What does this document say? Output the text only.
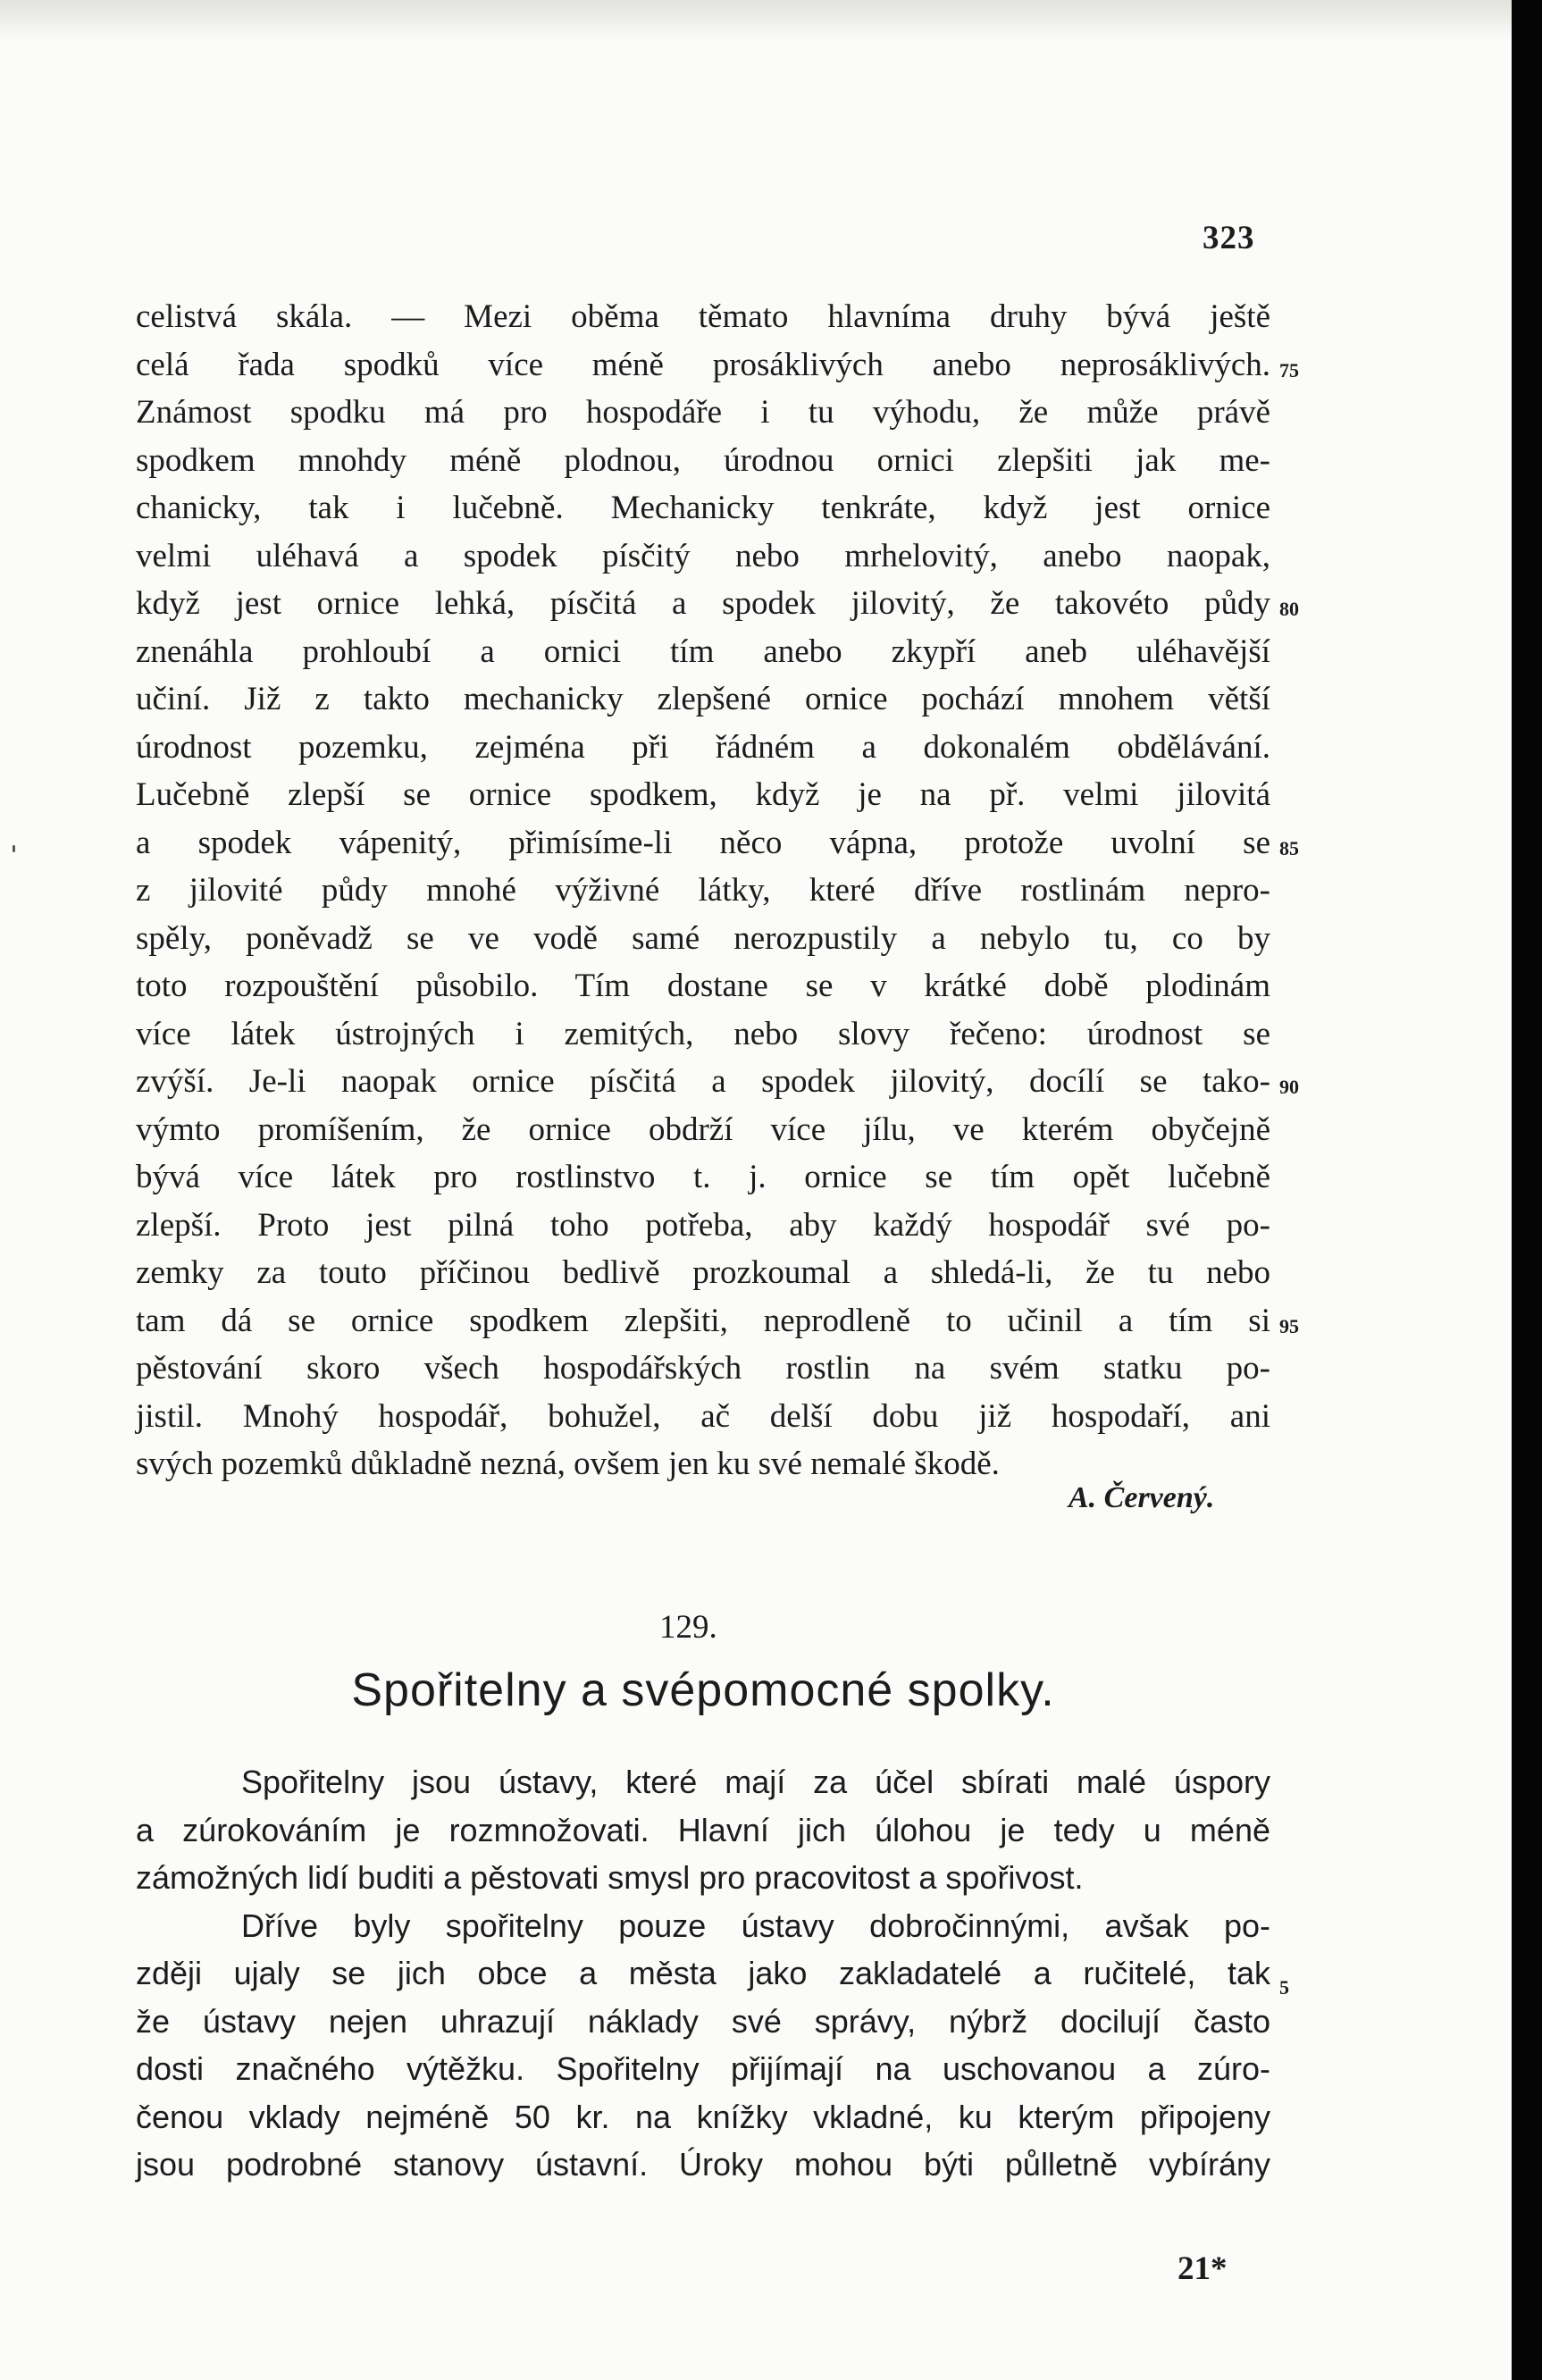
323
celistvá skála. — Mezi oběma těmato hlavníma druhy bývá ještě
celá řada spodků více méně prosáklivých anebo neprosáklivých.
Známost spodku má pro hospodáře i tu výhodu, že může právě
spodkem mnohdy méně plodnou, úrodnou ornici zlepšiti jak me-
chanicky, tak i lučebně. Mechanicky tenkráte, když jest ornice
velmi uléhavá a spodek písčitý nebo mrhelovitý, anebo naopak,
když jest ornice lehká, písčitá a spodek jilovitý, že takovéto půdy
znenáhla prohloubí a ornici tím anebo zkypří aneb uléhavější
učiní. Již z takto mechanicky zlepšené ornice pochází mnohem větší
úrodnost pozemku, zejména při řádném a dokonalém obdělávání.
Lučebně zlepší se ornice spodkem, když je na př. velmi jilovitá
a spodek vápenitý, přimísíme-li něco vápna, protože uvolní se
z jilovité půdy mnohé výživné látky, které dříve rostlinám nepro-
spěly, poněvadž se ve vodě samé nerozpustily a nebylo tu, co by
toto rozpouštění působilo. Tím dostane se v krátké době plodinám
více látek ústrojných i zemitých, nebo slovy řečeno: úrodnost se
zvýší. Je-li naopak ornice písčitá a spodek jilovitý, docílí se tako-
výmto promíšením, že ornice obdrží více jílu, ve kterém obyčejně
bývá více látek pro rostlinstvo t. j. ornice se tím opět lučebně
zlepší. Proto jest pilná toho potřeba, aby každý hospodář své po-
zemky za touto příčinou bedlivě prozkoumal a shledá-li, že tu nebo
tam dá se ornice spodkem zlepšiti, neprodleně to učinil a tím si
pěstování skoro všech hospodářských rostlin na svém statku po-
jistil. Mnohý hospodář, bohužel, ač delší dobu již hospodaří, ani
svých pozemků důkladně nezná, ovšem jen ku své nemalé škodě.
75
80
85
90
95
A. Červený.
129.
Spořitelny a svépomocné spolky.
Spořitelny jsou ústavy, které mají za účel sbírati malé úspory
a zúrokováním je rozmnožovati. Hlavní jich úlohou je tedy u méně
zámožných lidí buditi a pěstovati smysl pro pracovitost a spořivost.
Dříve byly spořitelny pouze ústavy dobročinnými, avšak po-
zději ujaly se jich obce a města jako zakladatelé a ručitelé, tak
že ústavy nejen uhrazují náklady své správy, nýbrž docilují často
dosti značného výtěžku. Spořitelny přijímají na uschovanou a zúro-
čenou vklady nejméně 50 kr. na knížky vkladné, ku kterým připojeny
jsou podrobné stanovy ústavní. Úroky mohou býti půlletně vybírány
5
21*
